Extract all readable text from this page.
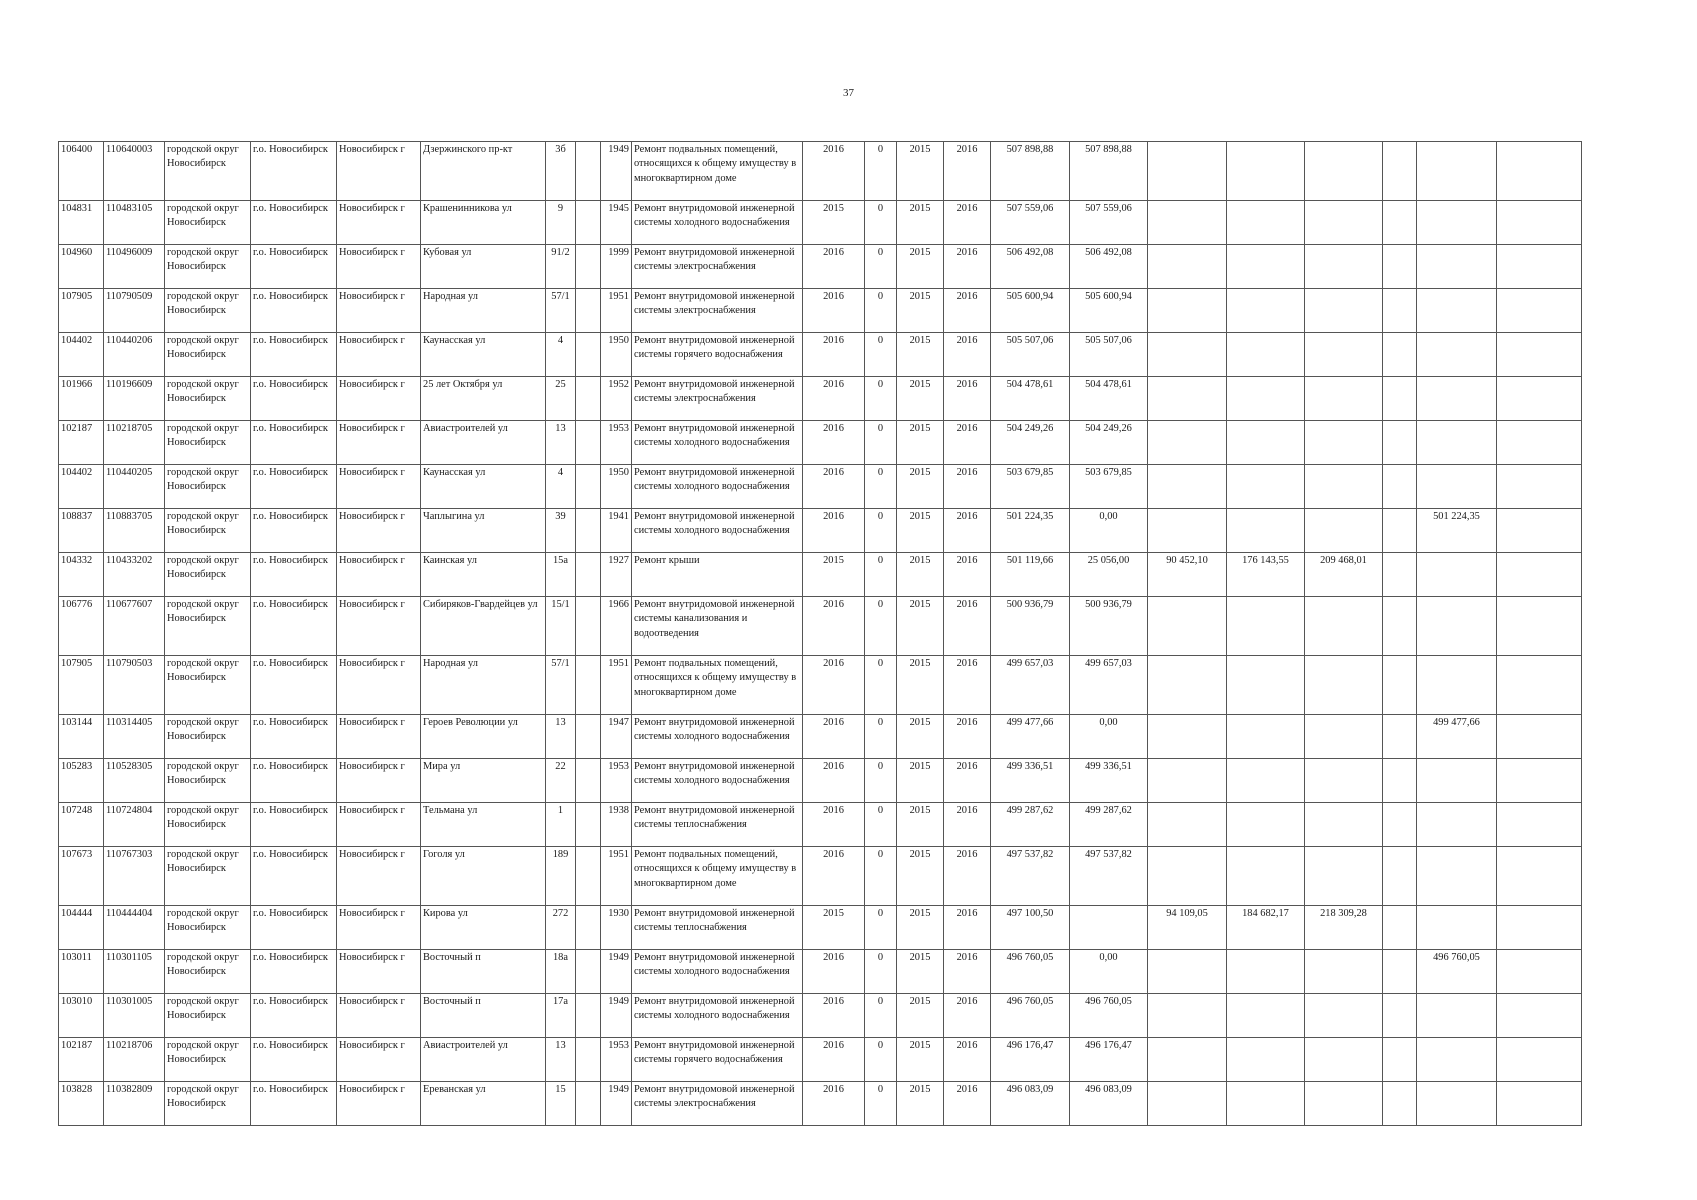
37
106400	110640003	городской округ Новосибирск	г.о. Новосибирск	Новосибирск г	Дзержинского пр-кт	3б		1949	Ремонт подвальных помещений, относящихся к общему имуществу в многоквартирном доме	2016	0	2015	2016	507 898,88	507 898,88						
104831	110483105	городской округ Новосибирск	г.о. Новосибирск	Новосибирск г	Крашенинникова ул	9		1945	Ремонт внутридомовой инженерной системы холодного водоснабжения	2015	0	2015	2016	507 559,06	507 559,06						
104960	110496009	городской округ Новосибирск	г.о. Новосибирск	Новосибирск г	Кубовая ул	91/2		1999	Ремонт внутридомовой инженерной системы электроснабжения	2016	0	2015	2016	506 492,08	506 492,08						
107905	110790509	городской округ Новосибирск	г.о. Новосибирск	Новосибирск г	Народная ул	57/1		1951	Ремонт внутридомовой инженерной системы электроснабжения	2016	0	2015	2016	505 600,94	505 600,94						
104402	110440206	городской округ Новосибирск	г.о. Новосибирск	Новосибирск г	Каунасская ул	4		1950	Ремонт внутридомовой инженерной системы горячего водоснабжения	2016	0	2015	2016	505 507,06	505 507,06						
101966	110196609	городской округ Новосибирск	г.о. Новосибирск	Новосибирск г	25 лет Октября ул	25		1952	Ремонт внутридомовой инженерной системы электроснабжения	2016	0	2015	2016	504 478,61	504 478,61						
102187	110218705	городской округ Новосибирск	г.о. Новосибирск	Новосибирск г	Авиастроителей ул	13		1953	Ремонт внутридомовой инженерной системы холодного водоснабжения	2016	0	2015	2016	504 249,26	504 249,26						
104402	110440205	городской округ Новосибирск	г.о. Новосибирск	Новосибирск г	Каунасская ул	4		1950	Ремонт внутридомовой инженерной системы холодного водоснабжения	2016	0	2015	2016	503 679,85	503 679,85						
108837	110883705	городской округ Новосибирск	г.о. Новосибирск	Новосибирск г	Чаплыгина ул	39		1941	Ремонт внутридомовой инженерной системы холодного водоснабжения	2016	0	2015	2016	501 224,35	0,00					501 224,35	
104332	110433202	городской округ Новосибирск	г.о. Новосибирск	Новосибирск г	Каинская ул	15а		1927	Ремонт крыши	2015	0	2015	2016	501 119,66	25 056,00	90 452,10	176 143,55	209 468,01			
106776	110677607	городской округ Новосибирск	г.о. Новосибирск	Новосибирск г	Сибиряков-Гвардейцев ул	15/1		1966	Ремонт внутридомовой инженерной системы канализования и водоотведения	2016	0	2015	2016	500 936,79	500 936,79						
107905	110790503	городской округ Новосибирск	г.о. Новосибирск	Новосибирск г	Народная ул	57/1		1951	Ремонт подвальных помещений, относящихся к общему имуществу в многоквартирном доме	2016	0	2015	2016	499 657,03	499 657,03						
103144	110314405	городской округ Новосибирск	г.о. Новосибирск	Новосибирск г	Героев Революции ул	13		1947	Ремонт внутридомовой инженерной системы холодного водоснабжения	2016	0	2015	2016	499 477,66	0,00					499 477,66	
105283	110528305	городской округ Новосибирск	г.о. Новосибирск	Новосибирск г	Мира ул	22		1953	Ремонт внутридомовой инженерной системы холодного водоснабжения	2016	0	2015	2016	499 336,51	499 336,51						
107248	110724804	городской округ Новосибирск	г.о. Новосибирск	Новосибирск г	Тельмана ул	1		1938	Ремонт внутридомовой инженерной системы теплоснабжения	2016	0	2015	2016	499 287,62	499 287,62						
107673	110767303	городской округ Новосибирск	г.о. Новосибирск	Новосибирск г	Гоголя ул	189		1951	Ремонт подвальных помещений, относящихся к общему имуществу в многоквартирном доме	2016	0	2015	2016	497 537,82	497 537,82						
104444	110444404	городской округ Новосибирск	г.о. Новосибирск	Новосибирск г	Кирова ул	272		1930	Ремонт внутридомовой инженерной системы теплоснабжения	2015	0	2015	2016	497 100,50		94 109,05	184 682,17	218 309,28			
103011	110301105	городской округ Новосибирск	г.о. Новосибирск	Новосибирск г	Восточный п	18а		1949	Ремонт внутридомовой инженерной системы холодного водоснабжения	2016	0	2015	2016	496 760,05	0,00					496 760,05	
103010	110301005	городской округ Новосибирск	г.о. Новосибирск	Новосибирск г	Восточный п	17а		1949	Ремонт внутридомовой инженерной системы холодного водоснабжения	2016	0	2015	2016	496 760,05	496 760,05						
102187	110218706	городской округ Новосибирск	г.о. Новосибирск	Новосибирск г	Авиастроителей ул	13		1953	Ремонт внутридомовой инженерной системы горячего водоснабжения	2016	0	2015	2016	496 176,47	496 176,47						
103828	110382809	городской округ Новосибирск	г.о. Новосибирск	Новосибирск г	Ереванская ул	15		1949	Ремонт внутридомовой инженерной системы электроснабжения	2016	0	2015	2016	496 083,09	496 083,09						
